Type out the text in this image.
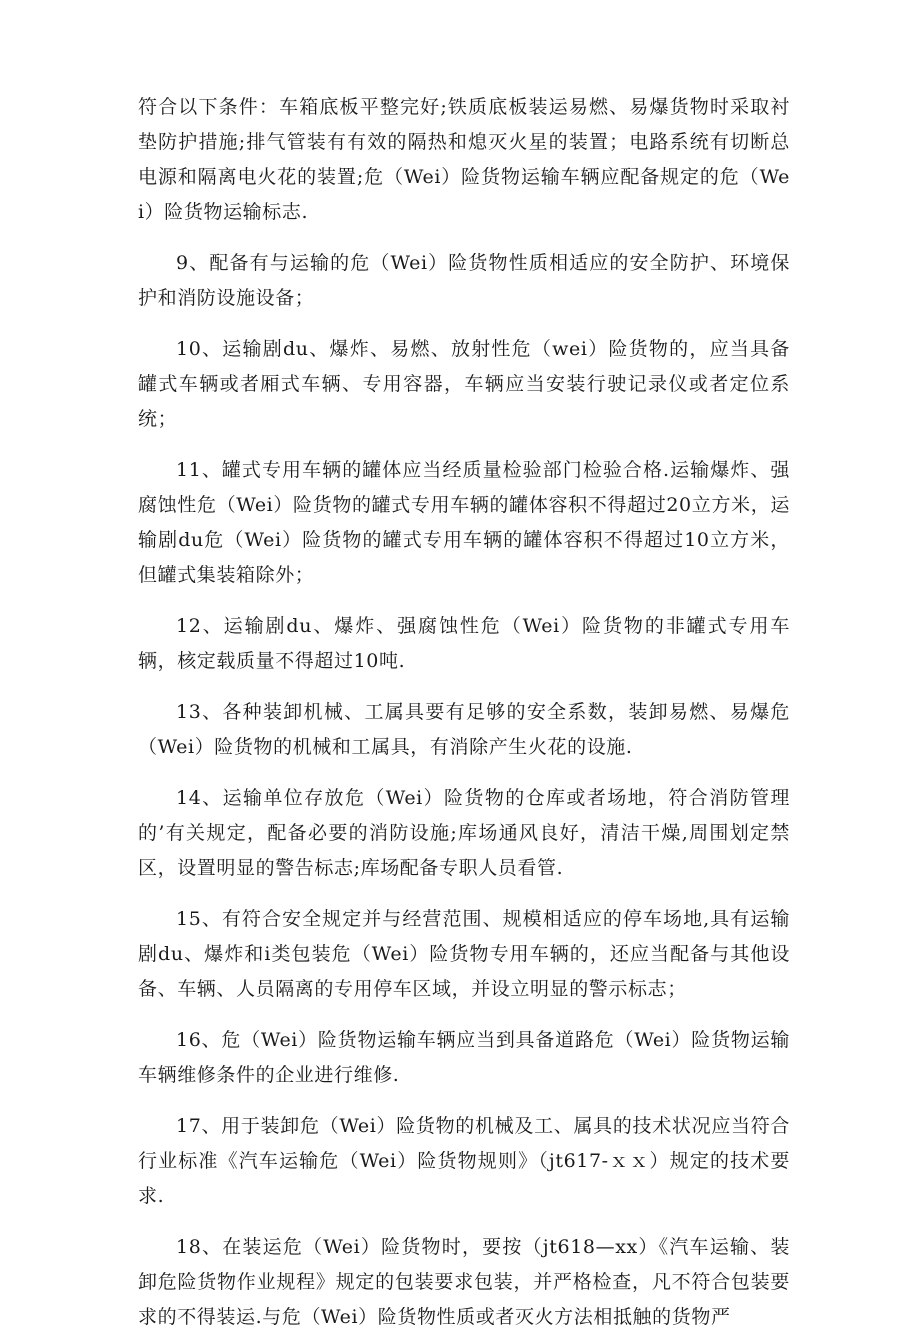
符合以下条件：车箱底板平整完好;铁质底板装运易燃、易爆货物时采取衬垫防护措施;排气管装有有效的隔热和熄灭火星的装置；电路系统有切断总电源和隔离电火花的装置;危（Wei）险货物运输车辆应配备规定的危（Wei）险货物运输标志.

9、配备有与运输的危（Wei）险货物性质相适应的安全防护、环境保护和消防设施设备；

10、运输剧du、爆炸、易燃、放射性危（wei）险货物的，应当具备罐式车辆或者厢式车辆、专用容器，车辆应当安装行驶记录仪或者定位系统；

11、罐式专用车辆的罐体应当经质量检验部门检验合格.运输爆炸、强腐蚀性危（Wei）险货物的罐式专用车辆的罐体容积不得超过20立方米，运输剧du危（Wei）险货物的罐式专用车辆的罐体容积不得超过10立方米，但罐式集装箱除外；

12、运输剧du、爆炸、强腐蚀性危（Wei）险货物的非罐式专用车辆，核定载质量不得超过10吨.

13、各种装卸机械、工属具要有足够的安全系数，装卸易燃、易爆危（Wei）险货物的机械和工属具，有消除产生火花的设施.

14、运输单位存放危（Wei）险货物的仓库或者场地，符合消防管理的’有关规定，配备必要的消防设施;库场通风良好，清洁干燥,周围划定禁区，设置明显的警告标志;库场配备专职人员看管.

15、有符合安全规定并与经营范围、规模相适应的停车场地,具有运输剧du、爆炸和i类包装危（Wei）险货物专用车辆的，还应当配备与其他设备、车辆、人员隔离的专用停车区域，并设立明显的警示标志；

16、危（Wei）险货物运输车辆应当到具备道路危（Wei）险货物运输车辆维修条件的企业进行维修.

17、用于装卸危（Wei）险货物的机械及工、属具的技术状况应当符合行业标准《汽车运输危（Wei）险货物规则》（jt617-ｘｘ）规定的技术要求.

18、在装运危（Wei）险货物时，要按（jt618—xx）《汽车运输、装卸危险货物作业规程》规定的包装要求包装，并严格检查，凡不符合包装要求的不得装运.与危（Wei）险货物性质或者灭火方法相抵触的货物严
